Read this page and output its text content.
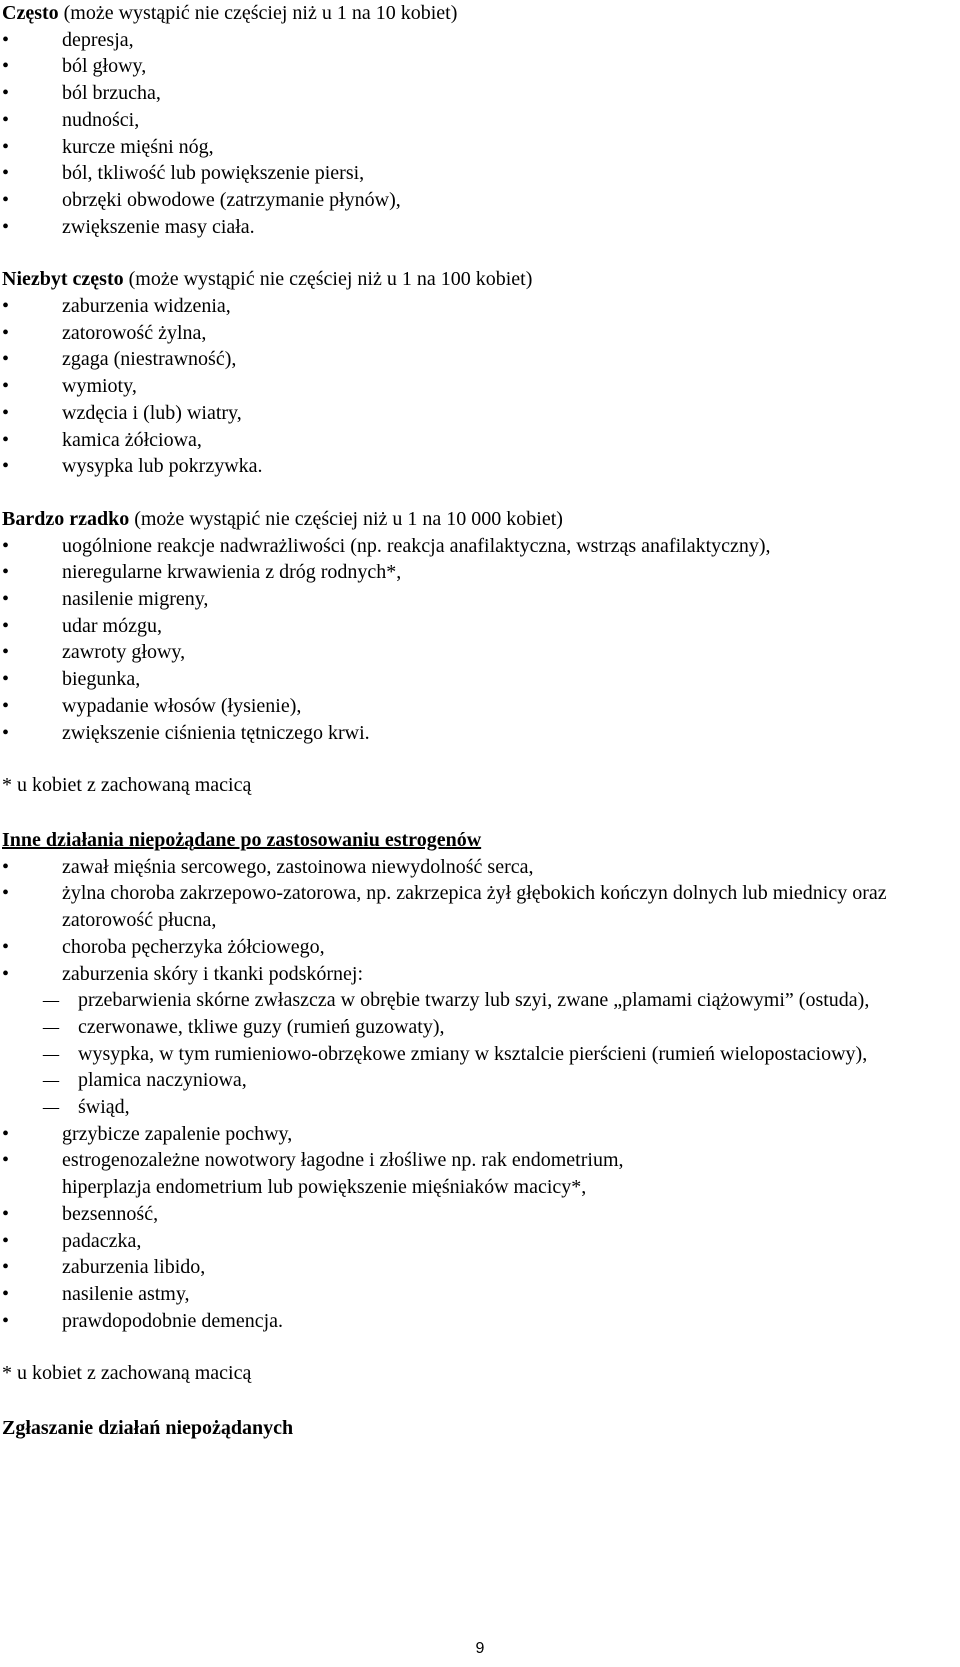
Często (może wystąpić nie częściej niż u 1 na 10 kobiet)

• depresja,
• ból głowy,
• ból brzucha,
• nudności,
• kurcze mięśni nóg,
• ból, tkliwość lub powiększenie piersi,
• obrzęki obwodowe (zatrzymanie płynów),
• zwiększenie masy ciała.

Niezbyt często (może wystąpić nie częściej niż u 1 na 100 kobiet)

• zaburzenia widzenia,
• zatorowość żylna,
• zgaga (niestrawność),
• wymioty,
• wzdęcia i (lub) wiatry,
• kamica żółciowa,
• wysypka lub pokrzywka.

Bardzo rzadko (może wystąpić nie częściej niż u 1 na 10 000 kobiet)

• uogólnione reakcje nadwrażliwości (np. reakcja anafilaktyczna, wstrząs anafilaktyczny),
• nieregularne krwawienia z dróg rodnych*,
• nasilenie migreny,
• udar mózgu,
• zawroty głowy,
• biegunka,
• wypadanie włosów (łysienie),
• zwiększenie ciśnienia tętniczego krwi.

* u kobiet z zachowaną macicą

Inne działania niepożądane po zastosowaniu estrogenów

• zawał mięśnia sercowego, zastoinowa niewydolność serca,
• żylna choroba zakrzepowo-zatorowa, np. zakrzepica żył głębokich kończyn dolnych lub miednicy oraz zatorowość płucna,
• choroba pęcherzyka żółciowego,
• zaburzenia skóry i tkanki podskórnej:
– przebarwienia skórne zwłaszcza w obrębie twarzy lub szyi, zwane „plamami ciążowymi” (ostuda),
– czerwonawe, tkliwe guzy (rumień guzowaty),
– wysypka, w tym rumieniowo-obrzękowe zmiany w ksztalcie pierścieni (rumień wielopostaciowy),
– plamica naczyniowa,
– świąd,
• grzybicze zapalenie pochwy,
• estrogenozależne nowotwory łagodne i złośliwe np. rak endometrium,

hiperplazja endometrium lub powiększenie mięśniaków macicy*,

• bezsenność,
• padaczka,
• zaburzenia libido,
• nasilenie astmy,
• prawdopodobnie demencja.

* u kobiet z zachowaną macicą

Zgłaszanie działań niepożądanych

9
